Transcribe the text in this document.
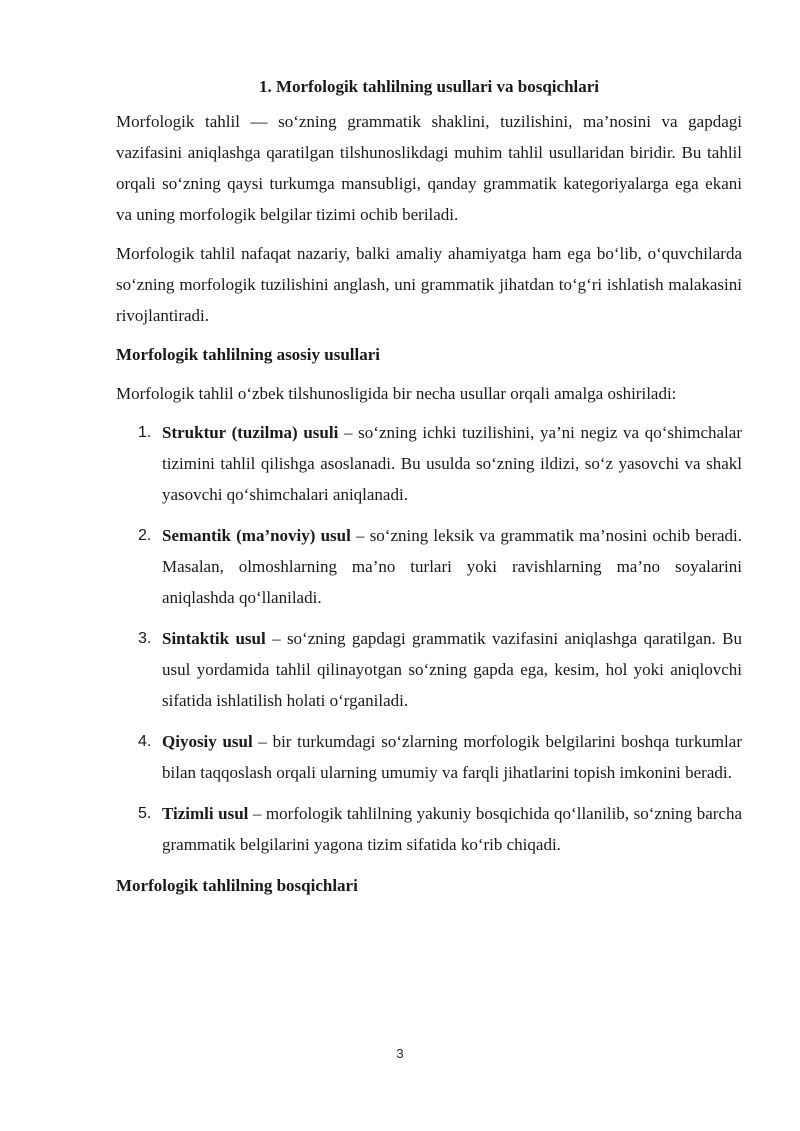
1. Morfologik tahlilning usullari va bosqichlari

Morfologik tahlil — so‘zning grammatik shaklini, tuzilishini, ma’nosini va gapdagi vazifasini aniqlashga qaratilgan tilshunoslikdagi muhim tahlil usullaridan biridir. Bu tahlil orqali so‘zning qaysi turkumga mansubligi, qanday grammatik kategoriyalarga ega ekani va uning morfologik belgilar tizimi ochib beriladi.

Morfologik tahlil nafaqat nazariy, balki amaliy ahamiyatga ham ega bo‘lib, o‘quvchilarda so‘zning morfologik tuzilishini anglash, uni grammatik jihatdan to‘g‘ri ishlatish malakasini rivojlantiradi.

Morfologik tahlilning asosiy usullari

Morfologik tahlil o‘zbek tilshunosligida bir necha usullar orqali amalga oshiriladi:

1. Struktur (tuzilma) usuli – so‘zning ichki tuzilishini, ya’ni negiz va qo‘shimchalar tizimini tahlil qilishga asoslanadi. Bu usulda so‘zning ildizi, so‘z yasovchi va shakl yasovchi qo‘shimchalari aniqlanadi.
2. Semantik (ma’noviy) usul – so‘zning leksik va grammatik ma’nosini ochib beradi. Masalan, olmoshlarning ma’no turlari yoki ravishlarning ma’no soyalarini aniqlashda qo‘llaniladi.
3. Sintaktik usul – so‘zning gapdagi grammatik vazifasini aniqlashga qaratilgan. Bu usul yordamida tahlil qilinayotgan so‘zning gapda ega, kesim, hol yoki aniqlovchi sifatida ishlatilish holati o‘rganiladi.
4. Qiyosiy usul – bir turkumdagi so‘zlarning morfologik belgilarini boshqa turkumlar bilan taqqoslash orqali ularning umumiy va farqli jihatlarini topish imkonini beradi.
5. Tizimli usul – morfologik tahlilning yakuniy bosqichida qo‘llanilib, so‘zning barcha grammatik belgilarini yagona tizim sifatida ko‘rib chiqadi.
Morfologik tahlilning bosqichlari
3
